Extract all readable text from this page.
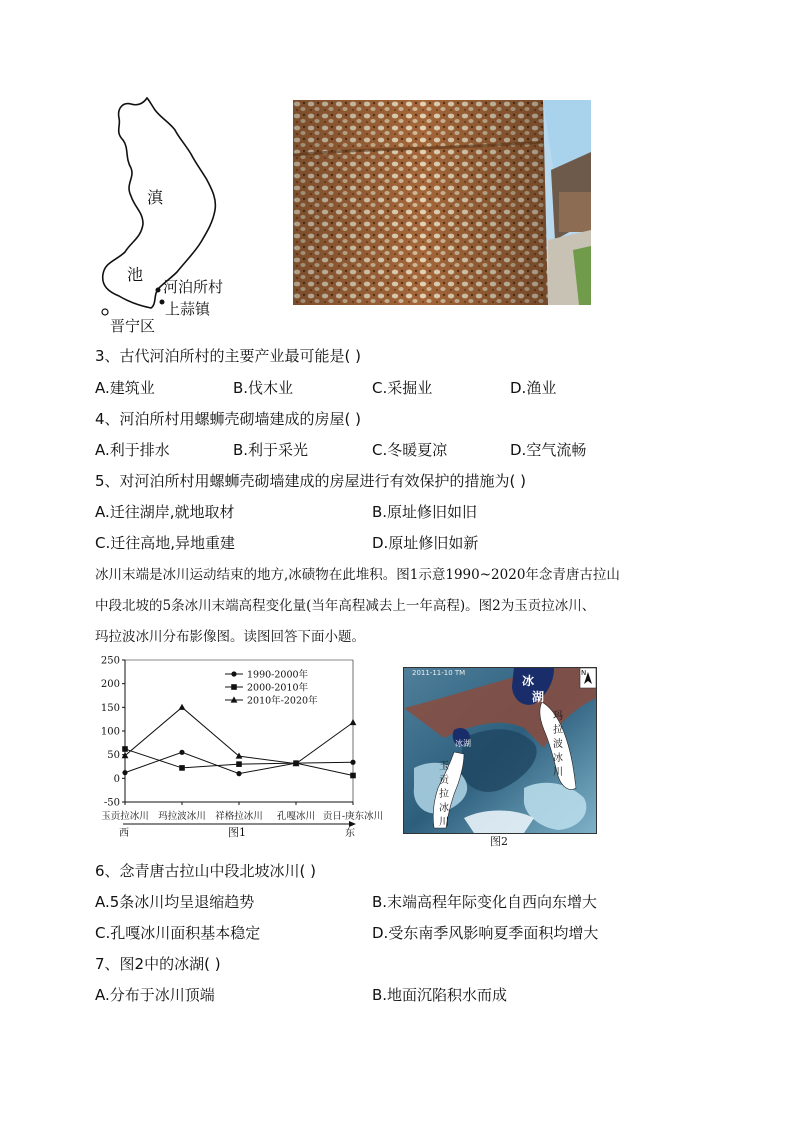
滇
池
河泊所村
上蒜镇
晋宁区
3、古代河泊所村的主要产业最可能是( )
A.建筑业	B.伐木业	C.采掘业	D.渔业
4、河泊所村用螺蛳壳砌墙建成的房屋( )
A.利于排水	B.利于采光	C.冬暖夏凉	D.空气流畅
5、对河泊所村用螺蛳壳砌墙建成的房屋进行有效保护的措施为( )
A.迁往湖岸,就地取材	B.原址修旧如旧
C.迁往高地,异地重建	D.原址修旧如新
冰川末端是冰川运动结束的地方,冰碛物在此堆积。图1示意1990~2020年念青唐古拉山
中段北坡的5条冰川末端高程变化量(当年高程减去上一年高程)。图2为玉贡拉冰川、
玛拉波冰川分布影像图。读图回答下面小题。
-50
0
50
100
150
200
250
玉贡拉冰川 玛拉波冰川 祥格拉冰川 孔嘎冰川 贡日-庚东冰川
西	东
图1
1990-2000年
2000-2010年
2010年-2020年
2011-11-10 TM	N
冰
湖
冰湖
玛
拉
波
冰
川
玉
贡
拉
冰
川
图2
6、念青唐古拉山中段北坡冰川( )
A.5条冰川均呈退缩趋势	B.末端高程年际变化自西向东增大
C.孔嘎冰川面积基本稳定	D.受东南季风影响夏季面积均增大
7、图2中的冰湖( )
A.分布于冰川顶端	B.地面沉陷积水而成
